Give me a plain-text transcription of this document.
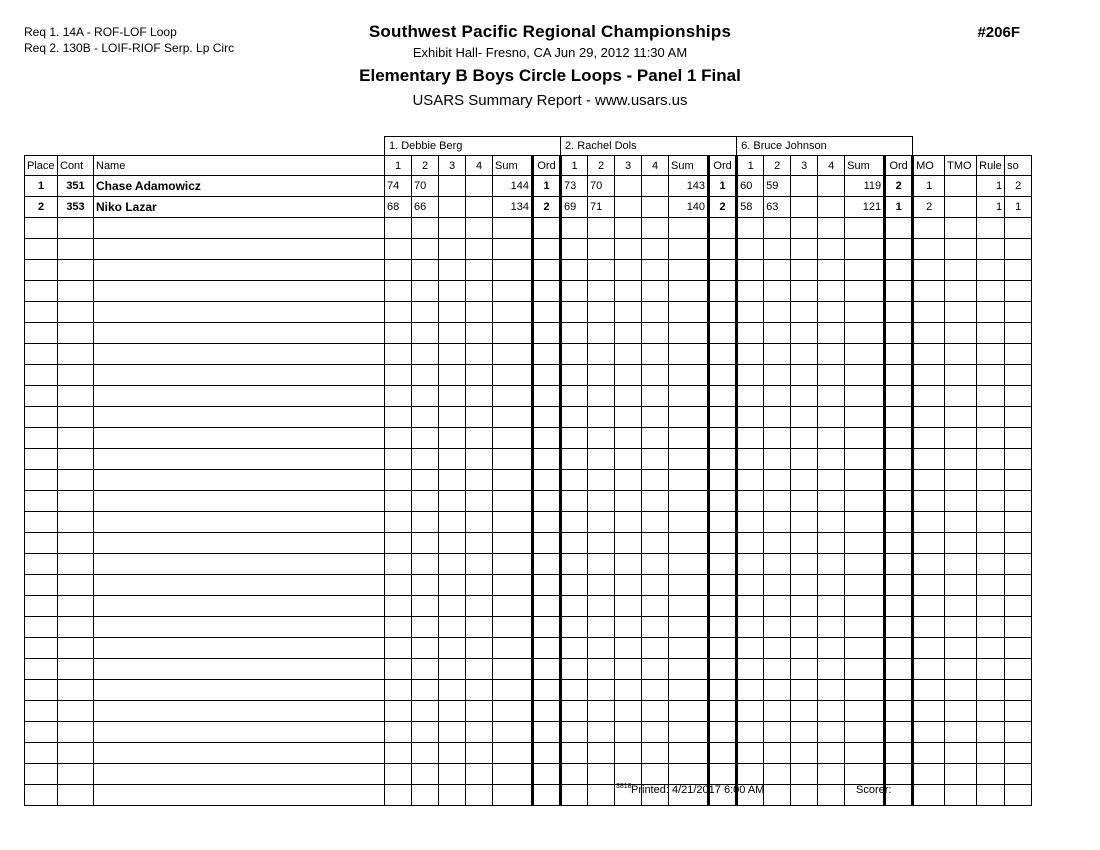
Req 1. 14A - ROF-LOF Loop
Req 2. 130B - LOIF-RIOF Serp. Lp Circ
Southwest Pacific Regional Championships
Exhibit Hall- Fresno, CA Jun 29, 2012 11:30 AM
Elementary B Boys Circle Loops - Panel 1 Final
USARS Summary Report - www.usars.us
#206F
			1. Debbie Berg						2. Rachel Dols						6. Bruce Johnson									
Place	Cont	Name	1	2	3	4	Sum	Ord	1	2	3	4	Sum	Ord	1	2	3	4	Sum	Ord	MO	TMO	Rule	so
1	351	Chase Adamowicz	74	70			144	1	73	70			143	1	60	59			119	2	1		1	2
2	353	Niko Lazar	68	66			134	2	69	71			140	2	58	63			121	1	2		1	1

3818 Printed: 4/21/2017 6:00 AM	Scorer:
